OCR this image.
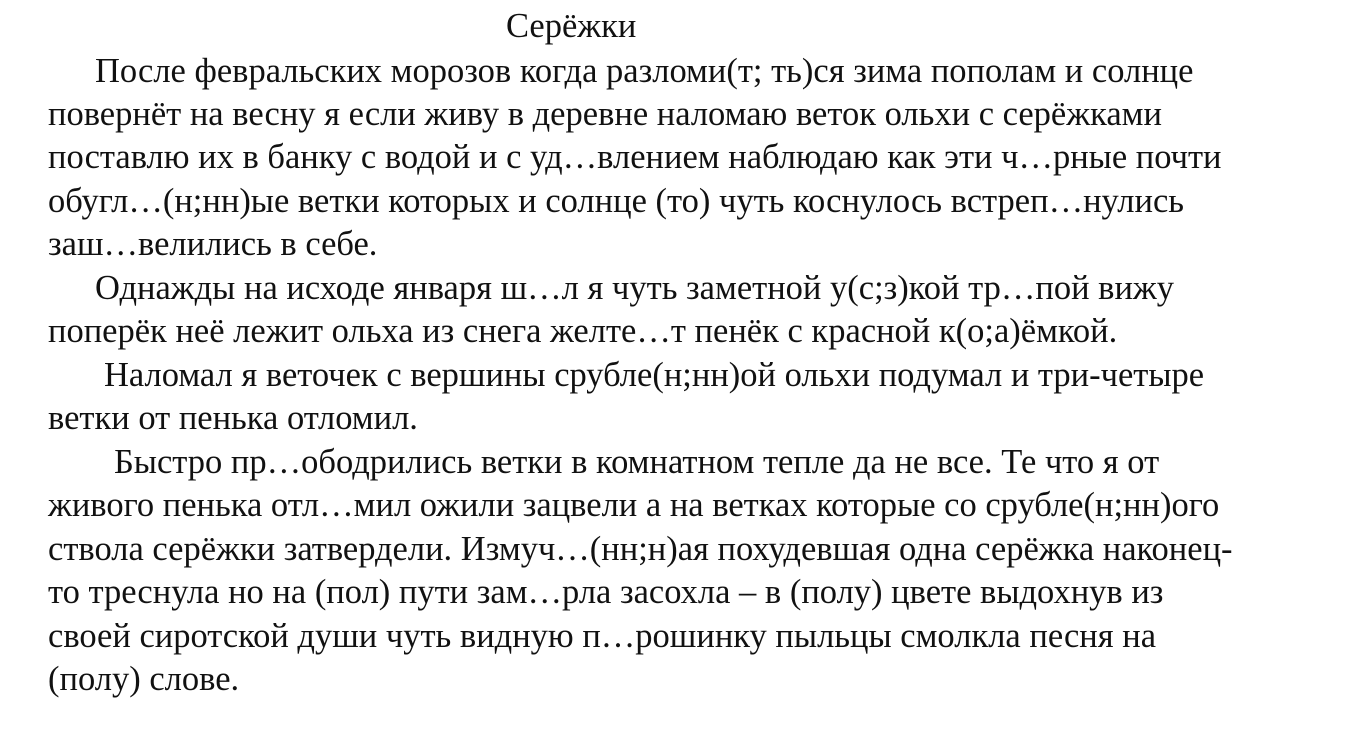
Серёжки
После февральских морозов когда разломи(т; ть)ся зима пополам и солнце
повернёт на весну я если живу в деревне наломаю веток ольхи с серёжками
поставлю их в банку с водой и с уд…влением наблюдаю как эти ч…рные почти
обугл…(н;нн)ые ветки которых и солнце (то) чуть коснулось встреп…нулись
заш…велились в себе.
Однажды на исходе января ш…л я чуть заметной у(с;з)кой тр…пой вижу
поперёк неё лежит ольха из снега желте…т пенёк с красной к(о;а)ёмкой.
Наломал я веточек с вершины срубле(н;нн)ой ольхи подумал и три-четыре
ветки от пенька отломил.
Быстро пр…ободрились ветки в комнатном тепле да не все. Те что я от
живого пенька отл…мил ожили зацвели а на ветках которые со срубле(н;нн)ого
ствола серёжки затвердели. Измуч…(нн;н)ая похудевшая одна серёжка наконец-
то треснула но на (пол) пути зам…рла засохла – в (полу) цвете выдохнув из
своей сиротской души чуть видную п…рошинку пыльцы смолкла песня на
(полу) слове.
